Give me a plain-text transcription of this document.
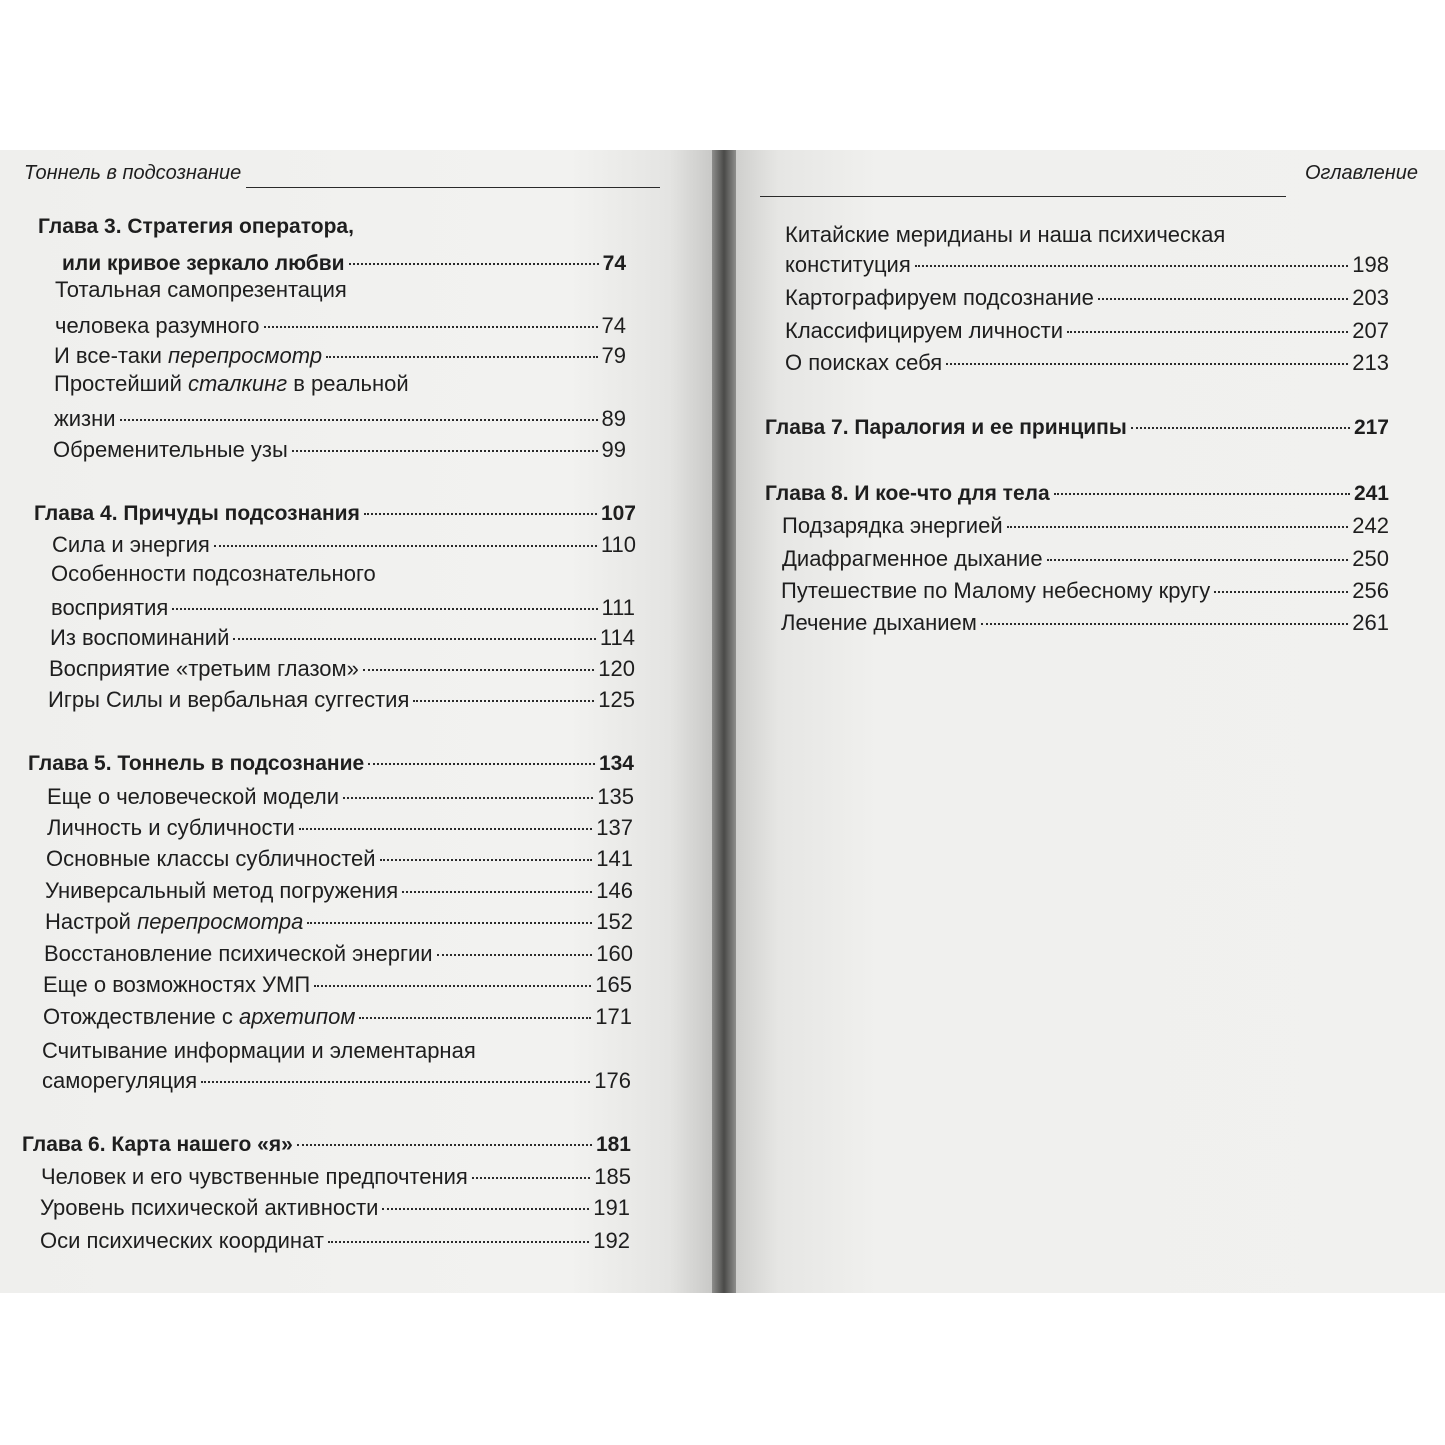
Тоннель в подсознание	Оглавление
Глава 3. Стратегия оператора,
или кривое зеркало любви	74
Тотальная самопрезентация
человека разумного	74
И все-таки перепросмотр	79
Простейший сталкинг в реальной
жизни	89
Обременительные узы	99
Глава 4. Причуды подсознания	107
Сила и энергия	110
Особенности подсознательного
восприятия	111
Из воспоминаний	114
Восприятие «третьим глазом»	120
Игры Силы и вербальная суггестия	125
Глава 5. Тоннель в подсознание	134
Еще о человеческой модели	135
Личность и субличности	137
Основные классы субличностей	141
Универсальный метод погружения	146
Настрой перепросмотра	152
Восстановление психической энергии	160
Еще о возможностях УМП	165
Отождествление с архетипом	171
Считывание информации и элементарная
саморегуляция	176
Глава 6. Карта нашего «я»	181
Человек и его чувственные предпочтения	185
Уровень психической активности	191
Оси психических координат	192
Китайские меридианы и наша психическая
конституция	198
Картографируем подсознание	203
Классифицируем личности	207
О поисках себя	213
Глава 7. Паралогия и ее принципы	217
Глава 8. И кое-что для тела	241
Подзарядка энергией	242
Диафрагменное дыхание	250
Путешествие по Малому небесному кругу	256
Лечение дыханием	261
